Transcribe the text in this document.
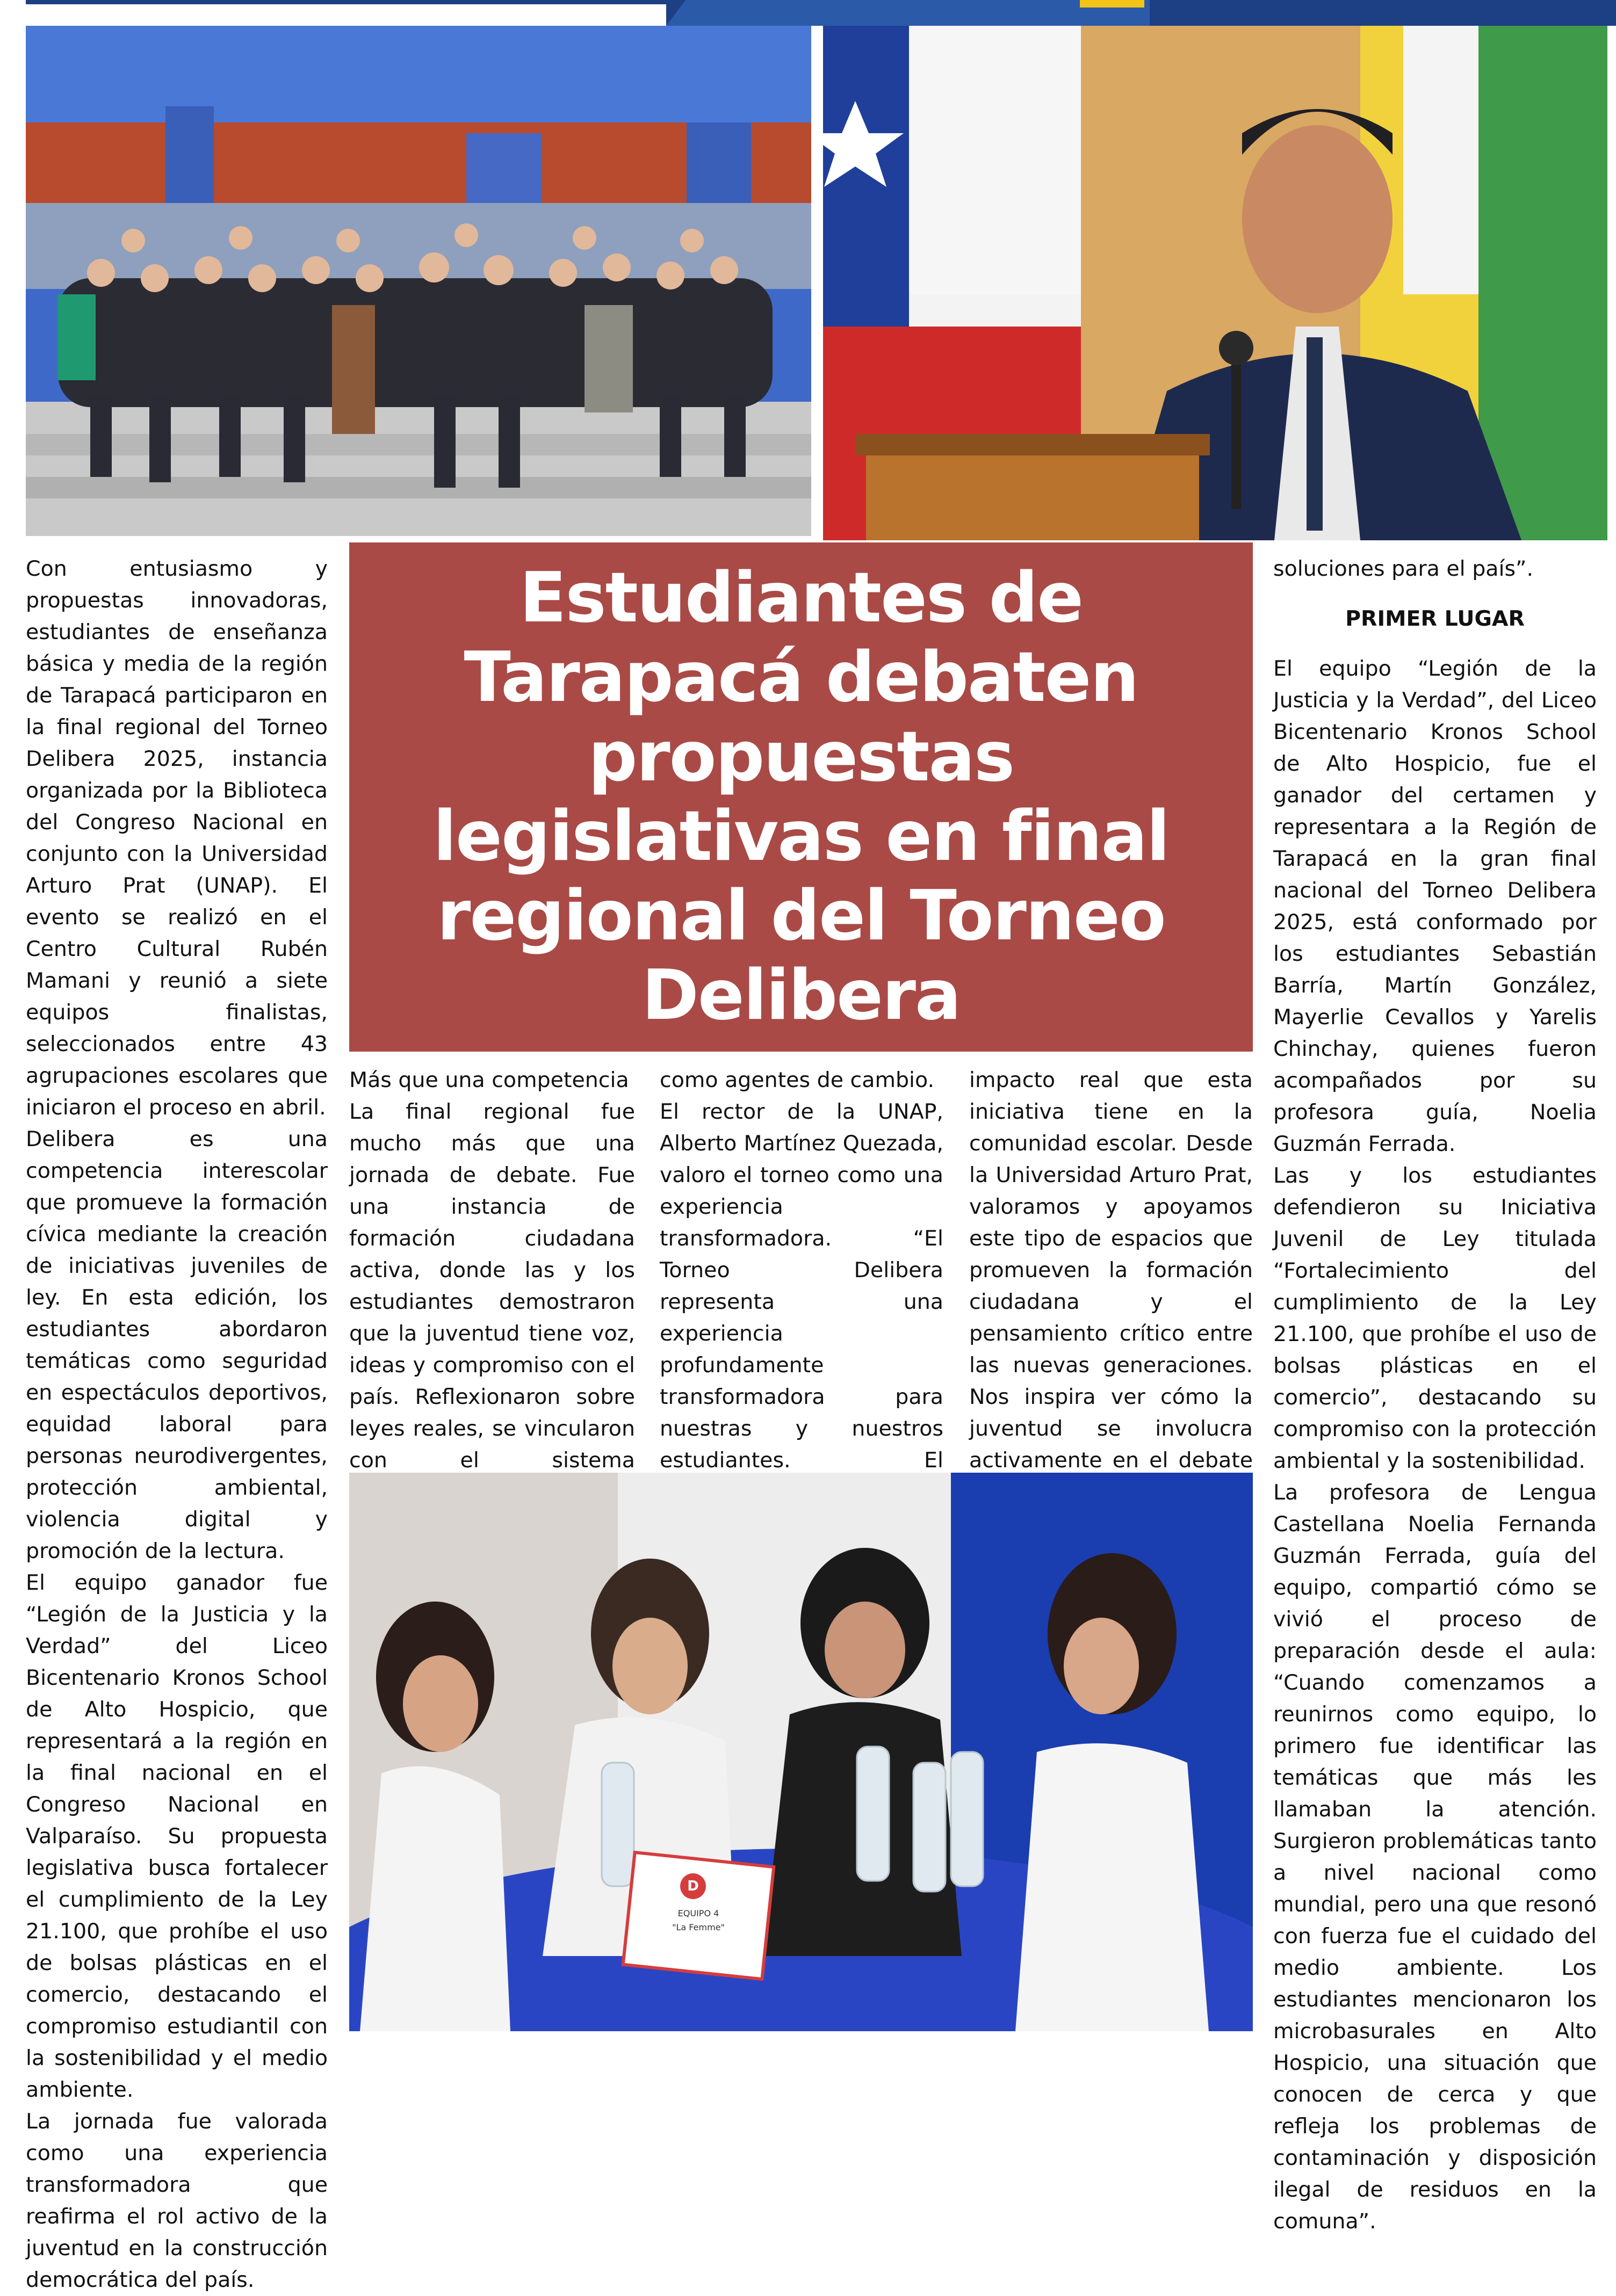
Con entusiasmo y propuestas innovadoras, estudiantes de enseñanza básica y media de la región de Tarapacá participaron en la final regional del Torneo Delibera 2025, instancia organizada por la Biblioteca del Congreso Nacional en conjunto con la Universidad Arturo Prat (UNAP). El evento se realizó en el Centro Cultural Rubén Mamani y reunió a siete equipos finalistas, seleccionados entre 43 agrupaciones escolares que iniciaron el proceso en abril.

Delibera es una competencia interescolar que promueve la formación cívica mediante la creación de iniciativas juveniles de ley. En esta edición, los estudiantes abordaron temáticas como seguridad en espectáculos deportivos, equidad laboral para personas neurodivergentes, protección ambiental, violencia digital y promoción de la lectura.

El equipo ganador fue “Legión de la Justicia y la Verdad” del Liceo Bicentenario Kronos School de Alto Hospicio, que representará a la región en la final nacional en el Congreso Nacional en Valparaíso. Su propuesta legislativa busca fortalecer el cumplimiento de la Ley 21.100, que prohíbe el uso de bolsas plásticas en el comercio, destacando el compromiso estudiantil con la sostenibilidad y el medio ambiente.

La jornada fue valorada como una experiencia transformadora que reafirma el rol activo de la juventud en la construcción democrática del país.

Estudiantes de Tarapacá debaten propuestas legislativas en final regional del Torneo Delibera

Más que una competencia

La final regional fue mucho más que una jornada de debate. Fue una instancia de formación ciudadana activa, donde las y los estudiantes demostraron que la juventud tiene voz, ideas y compromiso con el país. Reflexionaron sobre leyes reales, se vincularon con el sistema

como agentes de cambio.

El rector de la UNAP, Alberto Martínez Quezada, valoro el torneo como una experiencia transformadora. “El Torneo Delibera representa una experiencia profundamente transformadora para nuestras y nuestros estudiantes. El

impacto real que esta iniciativa tiene en la comunidad escolar. Desde la Universidad Arturo Prat, valoramos y apoyamos este tipo de espacios que promueven la formación ciudadana y el pensamiento crítico entre las nuevas generaciones. Nos inspira ver cómo la juventud se involucra activamente en el debate

soluciones para el país”.

PRIMER LUGAR

El equipo “Legión de la Justicia y la Verdad”, del Liceo Bicentenario Kronos School de Alto Hospicio, fue el ganador del certamen y representara a la Región de Tarapacá en la gran final nacional del Torneo Delibera 2025, está conformado por los estudiantes Sebastián Barría, Martín González, Mayerlie Cevallos y Yarelis Chinchay, quienes fueron acompañados por su profesora guía, Noelia Guzmán Ferrada.

Las y los estudiantes defendieron su Iniciativa Juvenil de Ley titulada “Fortalecimiento del cumplimiento de la Ley 21.100, que prohíbe el uso de bolsas plásticas en el comercio”, destacando su compromiso con la protección ambiental y la sostenibilidad.

La profesora de Lengua Castellana Noelia Fernanda Guzmán Ferrada, guía del equipo, compartió cómo se vivió el proceso de preparación desde el aula: “Cuando comenzamos a reunirnos como equipo, lo primero fue identificar las temáticas que más les llamaban la atención. Surgieron problemáticas tanto a nivel nacional como mundial, pero una que resonó con fuerza fue el cuidado del medio ambiente. Los estudiantes mencionaron los microbasurales en Alto Hospicio, una situación que conocen de cerca y que refleja los problemas de contaminación y disposición ilegal de residuos en la comuna”.

D
EQUIPO 4
"La Femme"
